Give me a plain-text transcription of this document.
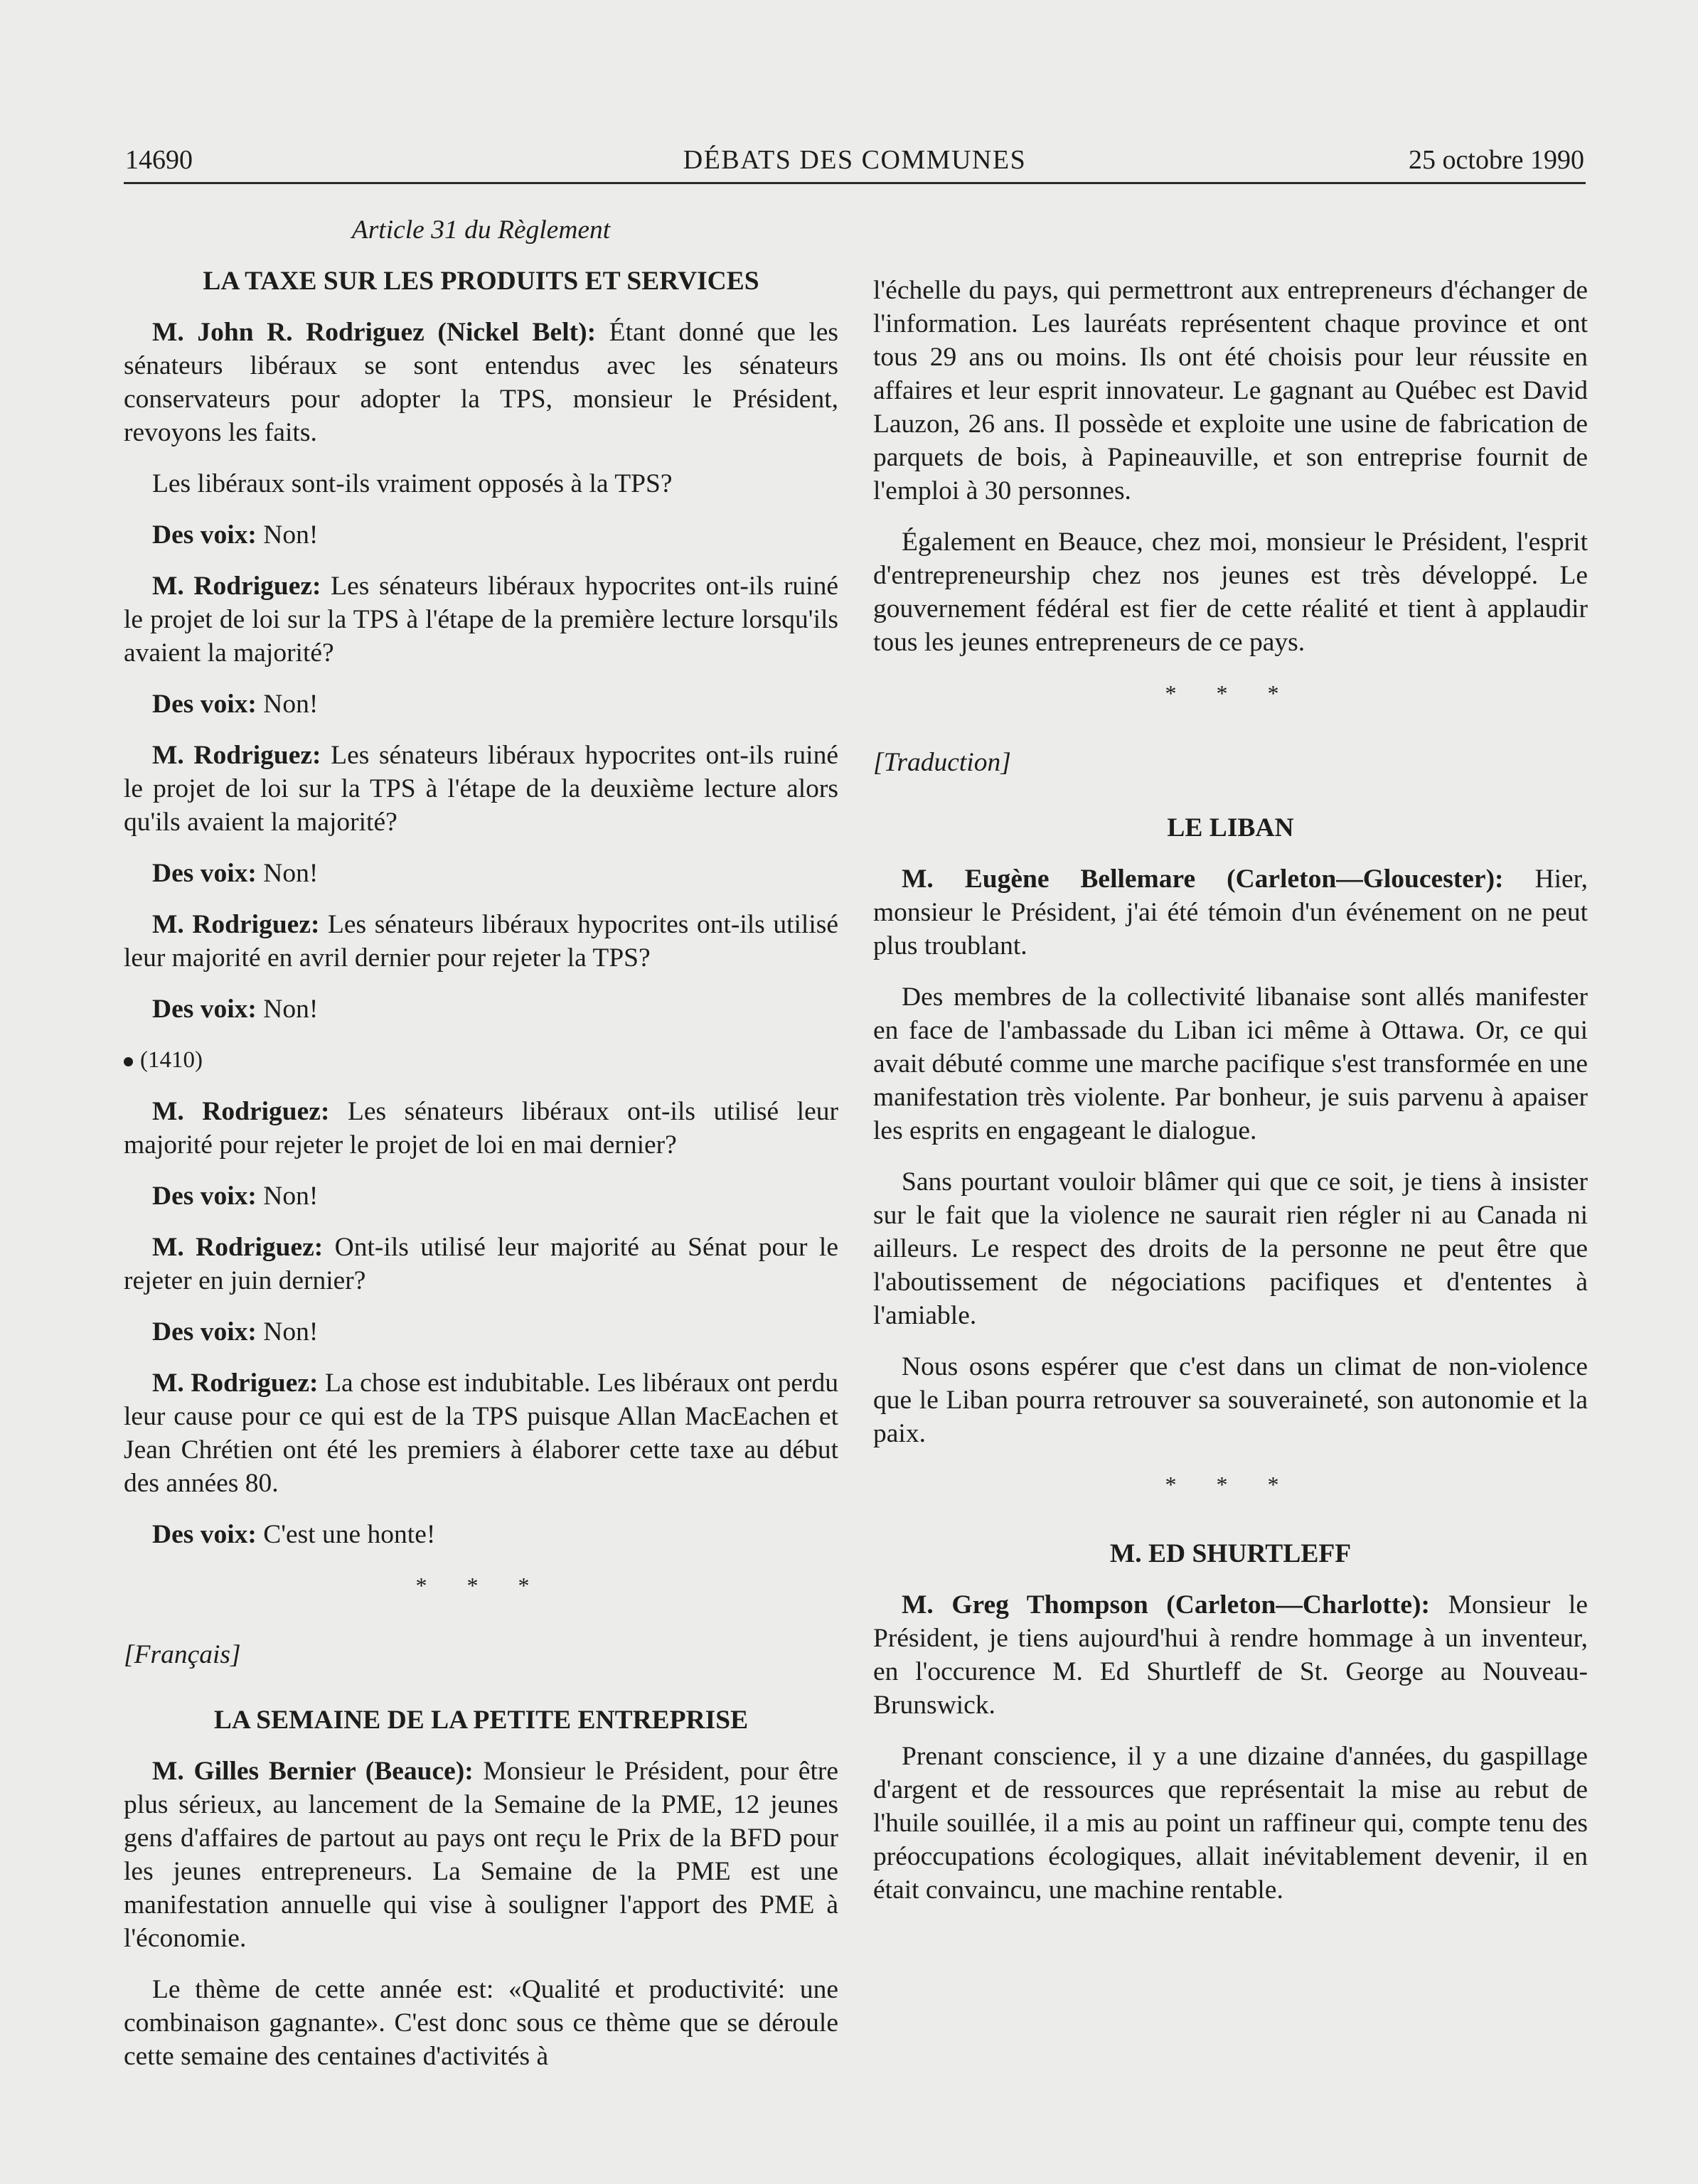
14690	DÉBATS DES COMMUNES	25 octobre 1990
Article 31 du Règlement
LA TAXE SUR LES PRODUITS ET SERVICES

M. John R. Rodriguez (Nickel Belt): Étant donné que les sénateurs libéraux se sont entendus avec les sénateurs conservateurs pour adopter la TPS, monsieur le Président, revoyons les faits.

Les libéraux sont-ils vraiment opposés à la TPS?

Des voix: Non!

M. Rodriguez: Les sénateurs libéraux hypocrites ont-ils ruiné le projet de loi sur la TPS à l'étape de la première lecture lorsqu'ils avaient la majorité?

Des voix: Non!

M. Rodriguez: Les sénateurs libéraux hypocrites ont-ils ruiné le projet de loi sur la TPS à l'étape de la deuxième lecture alors qu'ils avaient la majorité?

Des voix: Non!

M. Rodriguez: Les sénateurs libéraux hypocrites ont-ils utilisé leur majorité en avril dernier pour rejeter la TPS?

Des voix: Non!

(1410)

M. Rodriguez: Les sénateurs libéraux ont-ils utilisé leur majorité pour rejeter le projet de loi en mai dernier?

Des voix: Non!

M. Rodriguez: Ont-ils utilisé leur majorité au Sénat pour le rejeter en juin dernier?

Des voix: Non!

M. Rodriguez: La chose est indubitable. Les libéraux ont perdu leur cause pour ce qui est de la TPS puisque Allan MacEachen et Jean Chrétien ont été les premiers à élaborer cette taxe au début des années 80.

Des voix: C'est une honte!

* * *
[Français]
LA SEMAINE DE LA PETITE ENTREPRISE

M. Gilles Bernier (Beauce): Monsieur le Président, pour être plus sérieux, au lancement de la Semaine de la PME, 12 jeunes gens d'affaires de partout au pays ont reçu le Prix de la BFD pour les jeunes entrepreneurs. La Semaine de la PME est une manifestation annuelle qui vise à souligner l'apport des PME à l'économie.

Le thème de cette année est: «Qualité et productivité: une combinaison gagnante». C'est donc sous ce thème que se déroule cette semaine des centaines d'activités à

l'échelle du pays, qui permettront aux entrepreneurs d'échanger de l'information. Les lauréats représentent chaque province et ont tous 29 ans ou moins. Ils ont été choisis pour leur réussite en affaires et leur esprit innovateur. Le gagnant au Québec est David Lauzon, 26 ans. Il possède et exploite une usine de fabrication de parquets de bois, à Papineauville, et son entreprise fournit de l'emploi à 30 personnes.

Également en Beauce, chez moi, monsieur le Président, l'esprit d'entrepreneurship chez nos jeunes est très développé. Le gouvernement fédéral est fier de cette réalité et tient à applaudir tous les jeunes entrepreneurs de ce pays.

* * *
[Traduction]
LE LIBAN

M. Eugène Bellemare (Carleton—Gloucester): Hier, monsieur le Président, j'ai été témoin d'un événement on ne peut plus troublant.

Des membres de la collectivité libanaise sont allés manifester en face de l'ambassade du Liban ici même à Ottawa. Or, ce qui avait débuté comme une marche pacifique s'est transformée en une manifestation très violente. Par bonheur, je suis parvenu à apaiser les esprits en engageant le dialogue.

Sans pourtant vouloir blâmer qui que ce soit, je tiens à insister sur le fait que la violence ne saurait rien régler ni au Canada ni ailleurs. Le respect des droits de la personne ne peut être que l'aboutissement de négociations pacifiques et d'ententes à l'amiable.

Nous osons espérer que c'est dans un climat de non-violence que le Liban pourra retrouver sa souveraineté, son autonomie et la paix.

* * *
M. ED SHURTLEFF

M. Greg Thompson (Carleton—Charlotte): Monsieur le Président, je tiens aujourd'hui à rendre hommage à un inventeur, en l'occurence M. Ed Shurtleff de St. George au Nouveau-Brunswick.

Prenant conscience, il y a une dizaine d'années, du gaspillage d'argent et de ressources que représentait la mise au rebut de l'huile souillée, il a mis au point un raffineur qui, compte tenu des préoccupations écologiques, allait inévitablement devenir, il en était convaincu, une machine rentable.
